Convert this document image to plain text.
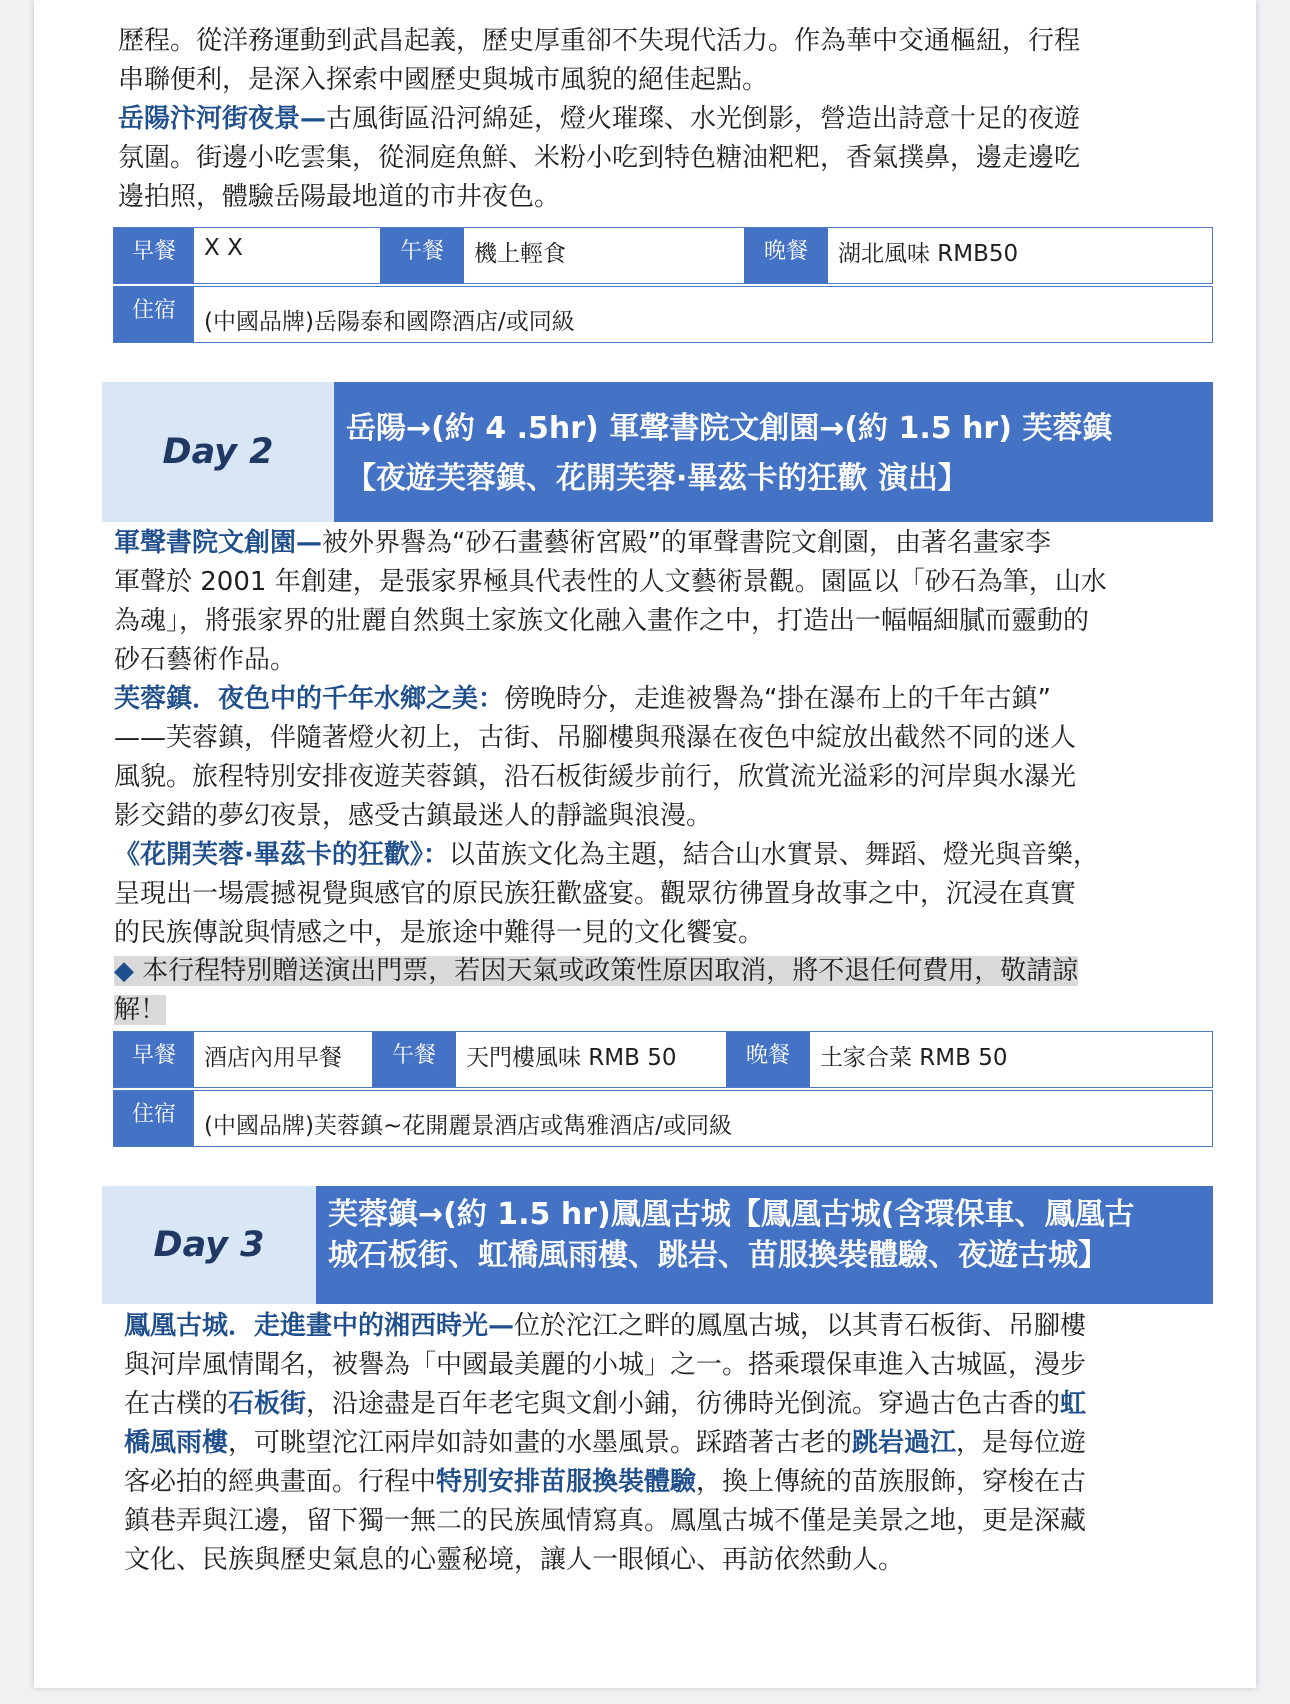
歷程。從洋務運動到武昌起義，歷史厚重卻不失現代活力。作為華中交通樞紐，行程
串聯便利，是深入探索中國歷史與城市風貌的絕佳起點。
岳陽汴河街夜景—古風街區沿河綿延，燈火璀璨、水光倒影，營造出詩意十足的夜遊
氛圍。街邊小吃雲集，從洞庭魚鮮、米粉小吃到特色糖油粑粑，香氣撲鼻，邊走邊吃
邊拍照，體驗岳陽最地道的市井夜色。

早餐	X X	午餐	機上輕食	晚餐	湖北風味 RMB50
住宿	(中國品牌)岳陽泰和國際酒店/或同級
Day 2
岳陽→(約 4 .5hr) 軍聲書院文創園→(約 1.5 hr) 芙蓉鎮
【夜遊芙蓉鎮、花開芙蓉·畢茲卡的狂歡 演出】

軍聲書院文創園—被外界譽為“砂石畫藝術宮殿”的軍聲書院文創園，由著名畫家李
軍聲於 2001 年創建，是張家界極具代表性的人文藝術景觀。園區以「砂石為筆，山水
為魂」，將張家界的壯麗自然與土家族文化融入畫作之中，打造出一幅幅細膩而靈動的
砂石藝術作品。

芙蓉鎮．夜色中的千年水鄉之美：傍晚時分，走進被譽為“掛在瀑布上的千年古鎮”
——芙蓉鎮，伴隨著燈火初上，古街、吊腳樓與飛瀑在夜色中綻放出截然不同的迷人
風貌。旅程特別安排夜遊芙蓉鎮，沿石板街緩步前行，欣賞流光溢彩的河岸與水瀑光
影交錯的夢幻夜景，感受古鎮最迷人的靜謐與浪漫。

《花開芙蓉·畢茲卡的狂歡》：以苗族文化為主題，結合山水實景、舞蹈、燈光與音樂，
呈現出一場震撼視覺與感官的原民族狂歡盛宴。觀眾彷彿置身故事之中，沉浸在真實
的民族傳說與情感之中，是旅途中難得一見的文化饗宴。

◆ 本行程特別贈送演出門票，若因天氣或政策性原因取消，將不退任何費用，敬請諒
解！
早餐	酒店內用早餐	午餐	天門樓風味 RMB 50	晚餐	土家合菜 RMB 50
住宿	(中國品牌)芙蓉鎮~花開麗景酒店或雋雅酒店/或同級
Day 3
芙蓉鎮→(約 1.5 hr)鳳凰古城【鳳凰古城(含環保車、鳳凰古
城石板街、虹橋風雨樓、跳岩、苗服換裝體驗、夜遊古城】

鳳凰古城．走進畫中的湘西時光—位於沱江之畔的鳳凰古城，以其青石板街、吊腳樓
與河岸風情聞名，被譽為「中國最美麗的小城」之一。搭乘環保車進入古城區，漫步
在古樸的石板街，沿途盡是百年老宅與文創小鋪，彷彿時光倒流。穿過古色古香的虹
橋風雨樓，可眺望沱江兩岸如詩如畫的水墨風景。踩踏著古老的跳岩過江，是每位遊
客必拍的經典畫面。行程中特別安排苗服換裝體驗，換上傳統的苗族服飾，穿梭在古
鎮巷弄與江邊，留下獨一無二的民族風情寫真。鳳凰古城不僅是美景之地，更是深藏
文化、民族與歷史氣息的心靈秘境，讓人一眼傾心、再訪依然動人。
